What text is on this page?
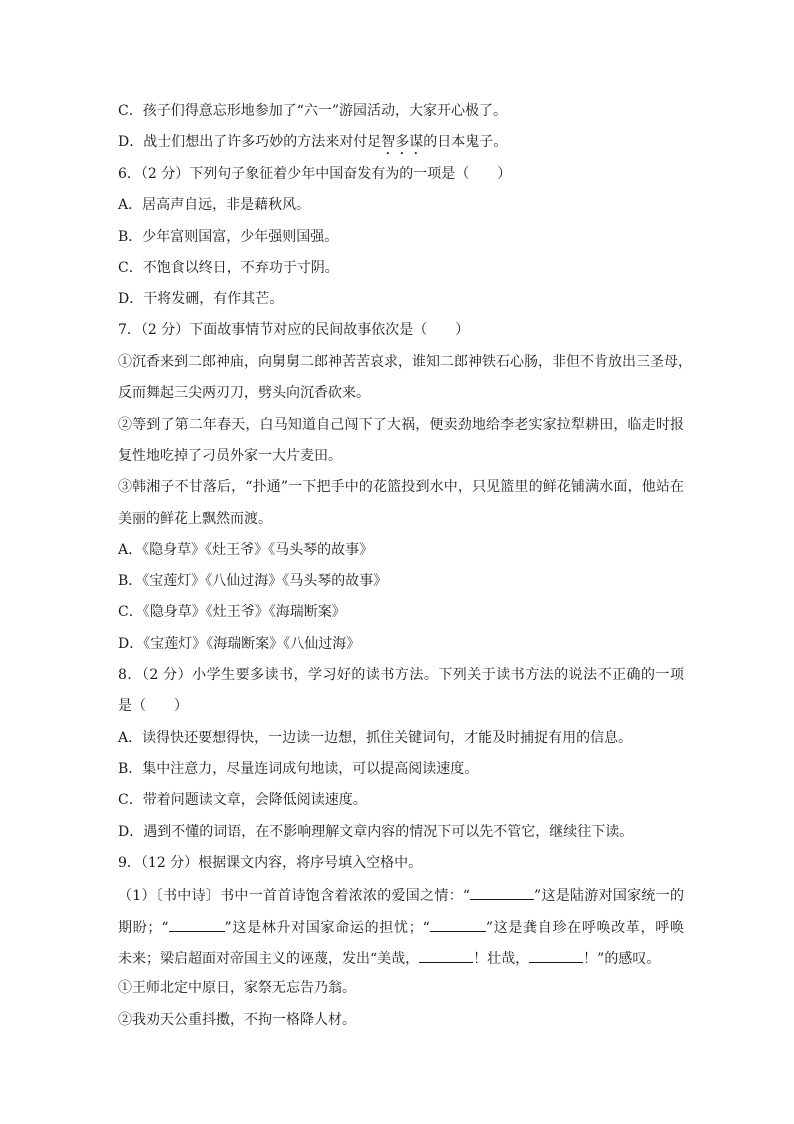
C．孩子们得意忘形地参加了“六一”游园活动，大家开心极了。
D．战士们想出了许多巧妙的方法来对付足智多谋的日本鬼子。
6．（2 分）下列句子象征着少年中国奋发有为的一项是（　　）
A．居高声自远，非是藉秋风。
B．少年富则国富，少年强则国强。
C．不饱食以终日，不弃功于寸阴。
D．干将发硎，有作其芒。
7．（2 分）下面故事情节对应的民间故事依次是（　　）
①沉香来到二郎神庙，向舅舅二郎神苦苦哀求，谁知二郎神铁石心肠，非但不肯放出三圣母，
反而舞起三尖两刃刀，劈头向沉香砍来。
②等到了第二年春天，白马知道自己闯下了大祸，便卖劲地给李老实家拉犁耕田，临走时报
复性地吃掉了刁员外家一大片麦田。
③韩湘子不甘落后，“扑通”一下把手中的花篮投到水中，只见篮里的鲜花铺满水面，他站在
美丽的鲜花上飘然而渡。
A．《隐身草》《灶王爷》《马头琴的故事》
B．《宝莲灯》《八仙过海》《马头琴的故事》
C．《隐身草》《灶王爷》《海瑞断案》
D．《宝莲灯》《海瑞断案》《八仙过海》
8．（2 分）小学生要多读书，学习好的读书方法。下列关于读书方法的说法不正确的一项
是（　　）
A．读得快还要想得快，一边读一边想，抓住关键词句，才能及时捕捉有用的信息。
B．集中注意力，尽量连词成句地读，可以提高阅读速度。
C．带着问题读文章，会降低阅读速度。
D．遇到不懂的词语，在不影响理解文章内容的情况下可以先不管它，继续往下读。
9．（12 分）根据课文内容，将序号填入空格中。
（1）〔书中诗〕书中一首首诗饱含着浓浓的爱国之情：“	”这是陆游对国家统一的
期盼；“	”这是林升对国家命运的担忧；“	”这是龚自珍在呼唤改革，呼唤
未来；梁启超面对帝国主义的诬蔑，发出“美哉，	！壮哉，	！”的感叹。
①王师北定中原日，家祭无忘告乃翁。
②我劝天公重抖擞，不拘一格降人材。
